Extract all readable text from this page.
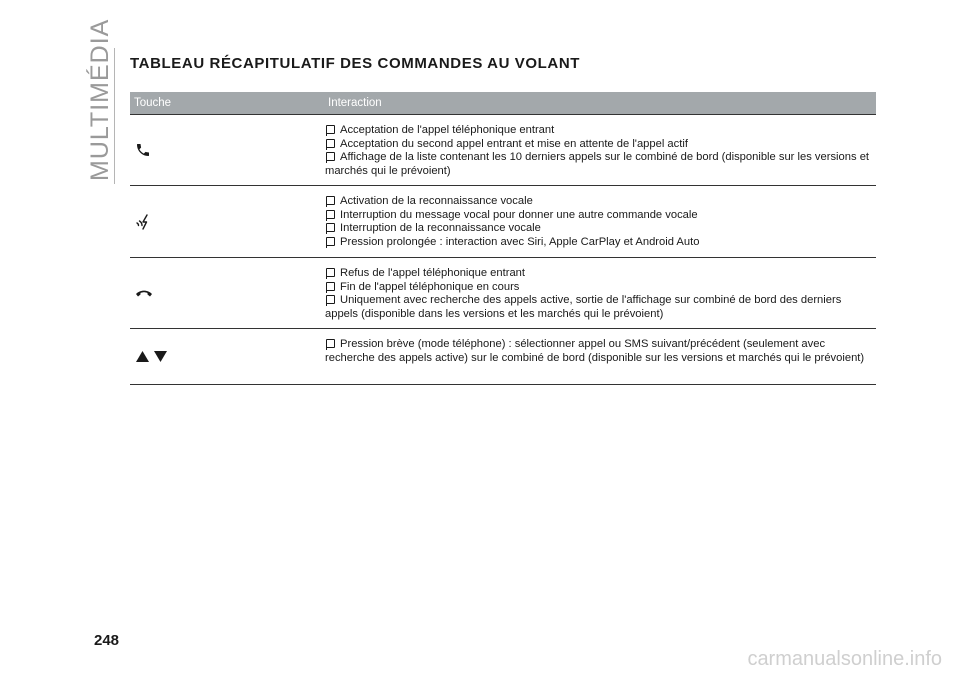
MULTIMÉDIA TABLEAU RÉCAPITULATIF DES COMMANDES AU VOLANT
Touche	Interaction
Acceptation de l'appel téléphonique entrant
Acceptation du second appel entrant et mise en attente de l'appel actif
Affichage de la liste contenant les 10 derniers appels sur le combiné de bord (disponible sur les versions et marchés qui le prévoient)
Activation de la reconnaissance vocale
Interruption du message vocal pour donner une autre commande vocale
Interruption de la reconnaissance vocale
Pression prolongée : interaction avec Siri, Apple CarPlay et Android Auto
Refus de l'appel téléphonique entrant
Fin de l'appel téléphonique en cours
Uniquement avec recherche des appels active, sortie de l'affichage sur combiné de bord des derniers appels (disponible dans les versions et les marchés qui le prévoient)
Pression brève (mode téléphone) : sélectionner appel ou SMS suivant/précédent (seulement avec recherche des appels active) sur le combiné de bord (disponible sur les versions et marchés qui le prévoient)
248
carmanualsonline.info
